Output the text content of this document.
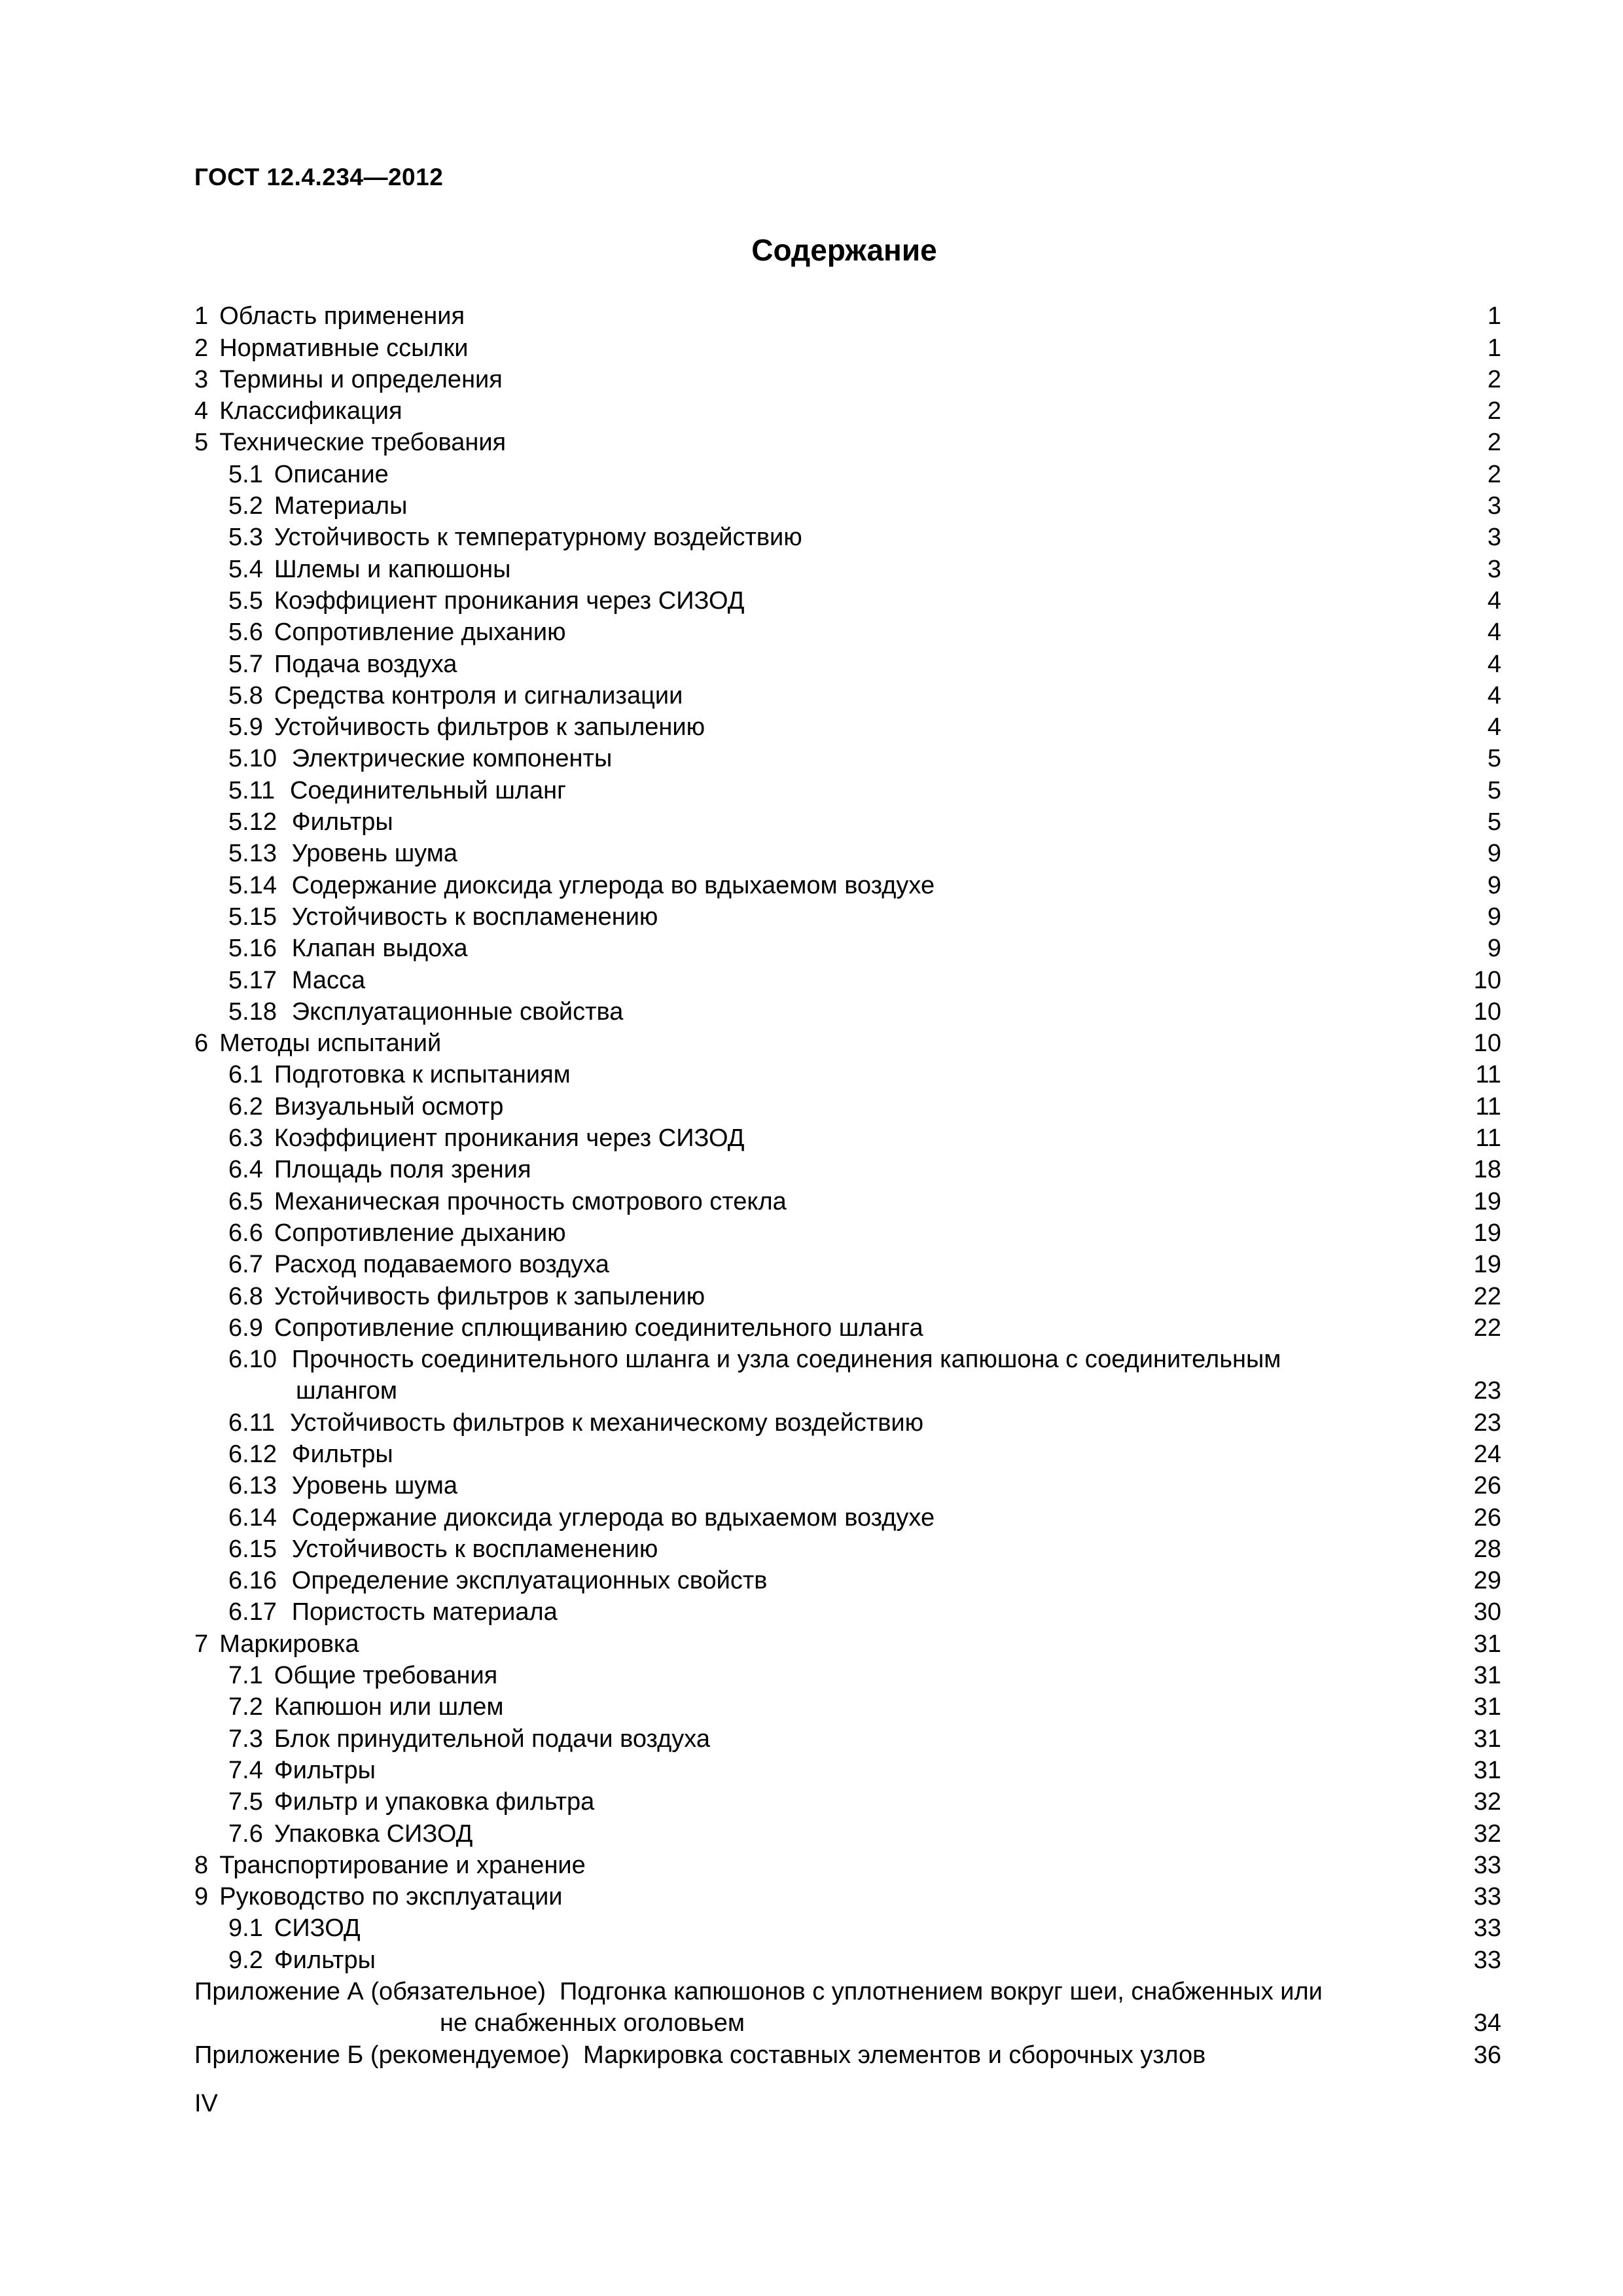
ГОСТ 12.4.234—2012
Содержание
1 Область применения	1
2 Нормативные ссылки	1
3 Термины и определения	2
4 Классификация	2
5 Технические требования	2
5.1 Описание	2
5.2 Материалы	3
5.3 Устойчивость к температурному воздействию	3
5.4 Шлемы и капюшоны	3
5.5 Коэффициент проникания через СИЗОД	4
5.6 Сопротивление дыханию	4
5.7 Подача воздуха	4
5.8 Средства контроля и сигнализации	4
5.9 Устойчивость фильтров к запылению	4
5.10 Электрические компоненты	5
5.11 Соединительный шланг	5
5.12 Фильтры	5
5.13 Уровень шума	9
5.14 Содержание диоксида углерода во вдыхаемом воздухе	9
5.15 Устойчивость к воспламенению	9
5.16 Клапан выдоха	9
5.17 Масса	10
5.18 Эксплуатационные свойства	10
6 Методы испытаний	10
6.1 Подготовка к испытаниям	11
6.2 Визуальный осмотр	11
6.3 Коэффициент проникания через СИЗОД	11
6.4 Площадь поля зрения	18
6.5 Механическая прочность смотрового стекла	19
6.6 Сопротивление дыханию	19
6.7 Расход подаваемого воздуха	19
6.8 Устойчивость фильтров к запылению	22
6.9 Сопротивление сплющиванию соединительного шланга	22
6.10 Прочность соединительного шланга и узла соединения капюшона с соединительным
шлангом	23
6.11 Устойчивость фильтров к механическому воздействию	23
6.12 Фильтры	24
6.13 Уровень шума	26
6.14 Содержание диоксида углерода во вдыхаемом воздухе	26
6.15 Устойчивость к воспламенению	28
6.16 Определение эксплуатационных свойств	29
6.17 Пористость материала	30
7 Маркировка	31
7.1 Общие требования	31
7.2 Капюшон или шлем	31
7.3 Блок принудительной подачи воздуха	31
7.4 Фильтры	31
7.5 Фильтр и упаковка фильтра	32
7.6 Упаковка СИЗОД	32
8 Транспортирование и хранение	33
9 Руководство по эксплуатации	33
9.1 СИЗОД	33
9.2 Фильтры	33
Приложение А (обязательное) Подгонка капюшонов с уплотнением вокруг шеи, снабженных или
не снабженных оголовьем	34
Приложение Б (рекомендуемое) Маркировка составных элементов и сборочных узлов	36
IV
